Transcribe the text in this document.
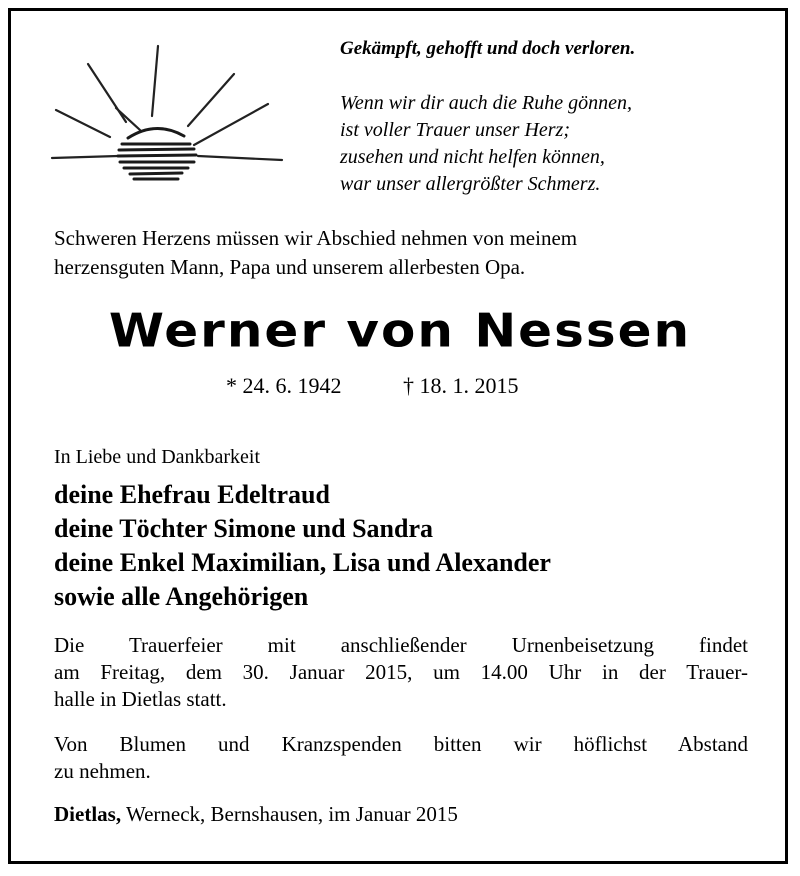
Gekämpft, gehofft und doch verloren.
Wenn wir dir auch die Ruhe gönnen,
ist voller Trauer unser Herz;
zusehen und nicht helfen können,
war unser allergrößter Schmerz.
Schweren Herzens müssen wir Abschied nehmen von meinem
herzensguten Mann, Papa und unserem allerbesten Opa.
Werner von Nessen
* 24. 6. 1942	† 18. 1. 2015
In Liebe und Dankbarkeit
deine Ehefrau Edeltraud
deine Töchter Simone und Sandra
deine Enkel Maximilian, Lisa und Alexander
sowie alle Angehörigen
Die Trauerfeier mit anschließender Urnenbeisetzung findet
am Freitag, dem 30. Januar 2015, um 14.00 Uhr in der Trauer-
halle in Dietlas statt.
Von Blumen und Kranzspenden bitten wir höflichst Abstand
zu nehmen.
Dietlas, Werneck, Bernshausen, im Januar 2015
